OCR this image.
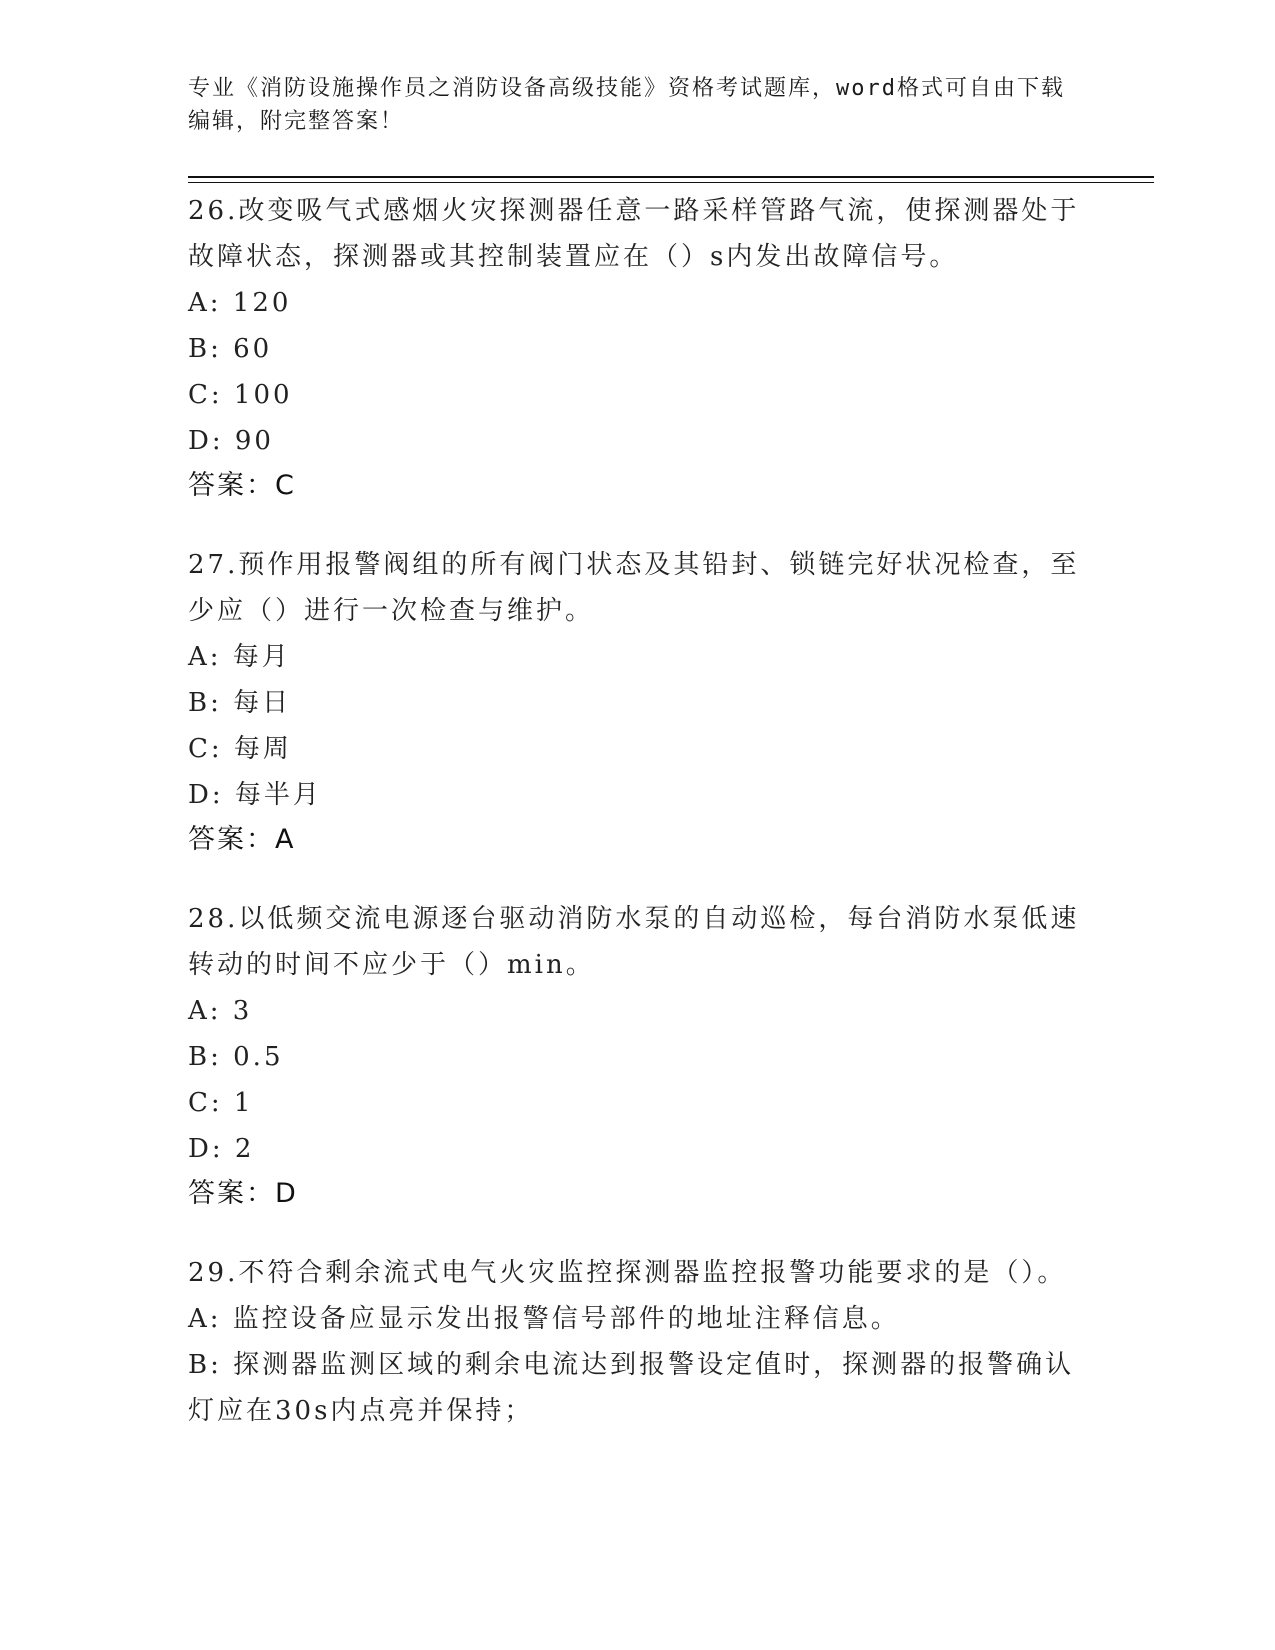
专业《消防设施操作员之消防设备高级技能》资格考试题库，word格式可自由下载编辑，附完整答案！
26.改变吸气式感烟火灾探测器任意一路采样管路气流，使探测器处于故障状态，探测器或其控制装置应在（）s内发出故障信号。
A: 120
B: 60
C: 100
D: 90
答案：C
27.预作用报警阀组的所有阀门状态及其铅封、锁链完好状况检查，至少应（）进行一次检查与维护。
A: 每月
B: 每日
C: 每周
D: 每半月
答案：A
28.以低频交流电源逐台驱动消防水泵的自动巡检，每台消防水泵低速转动的时间不应少于（）min。
A: 3
B: 0.5
C: 1
D: 2
答案：D
29.不符合剩余流式电气火灾监控探测器监控报警功能要求的是（）。
A: 监控设备应显示发出报警信号部件的地址注释信息。
B: 探测器监测区域的剩余电流达到报警设定值时，探测器的报警确认灯应在30s内点亮并保持；
